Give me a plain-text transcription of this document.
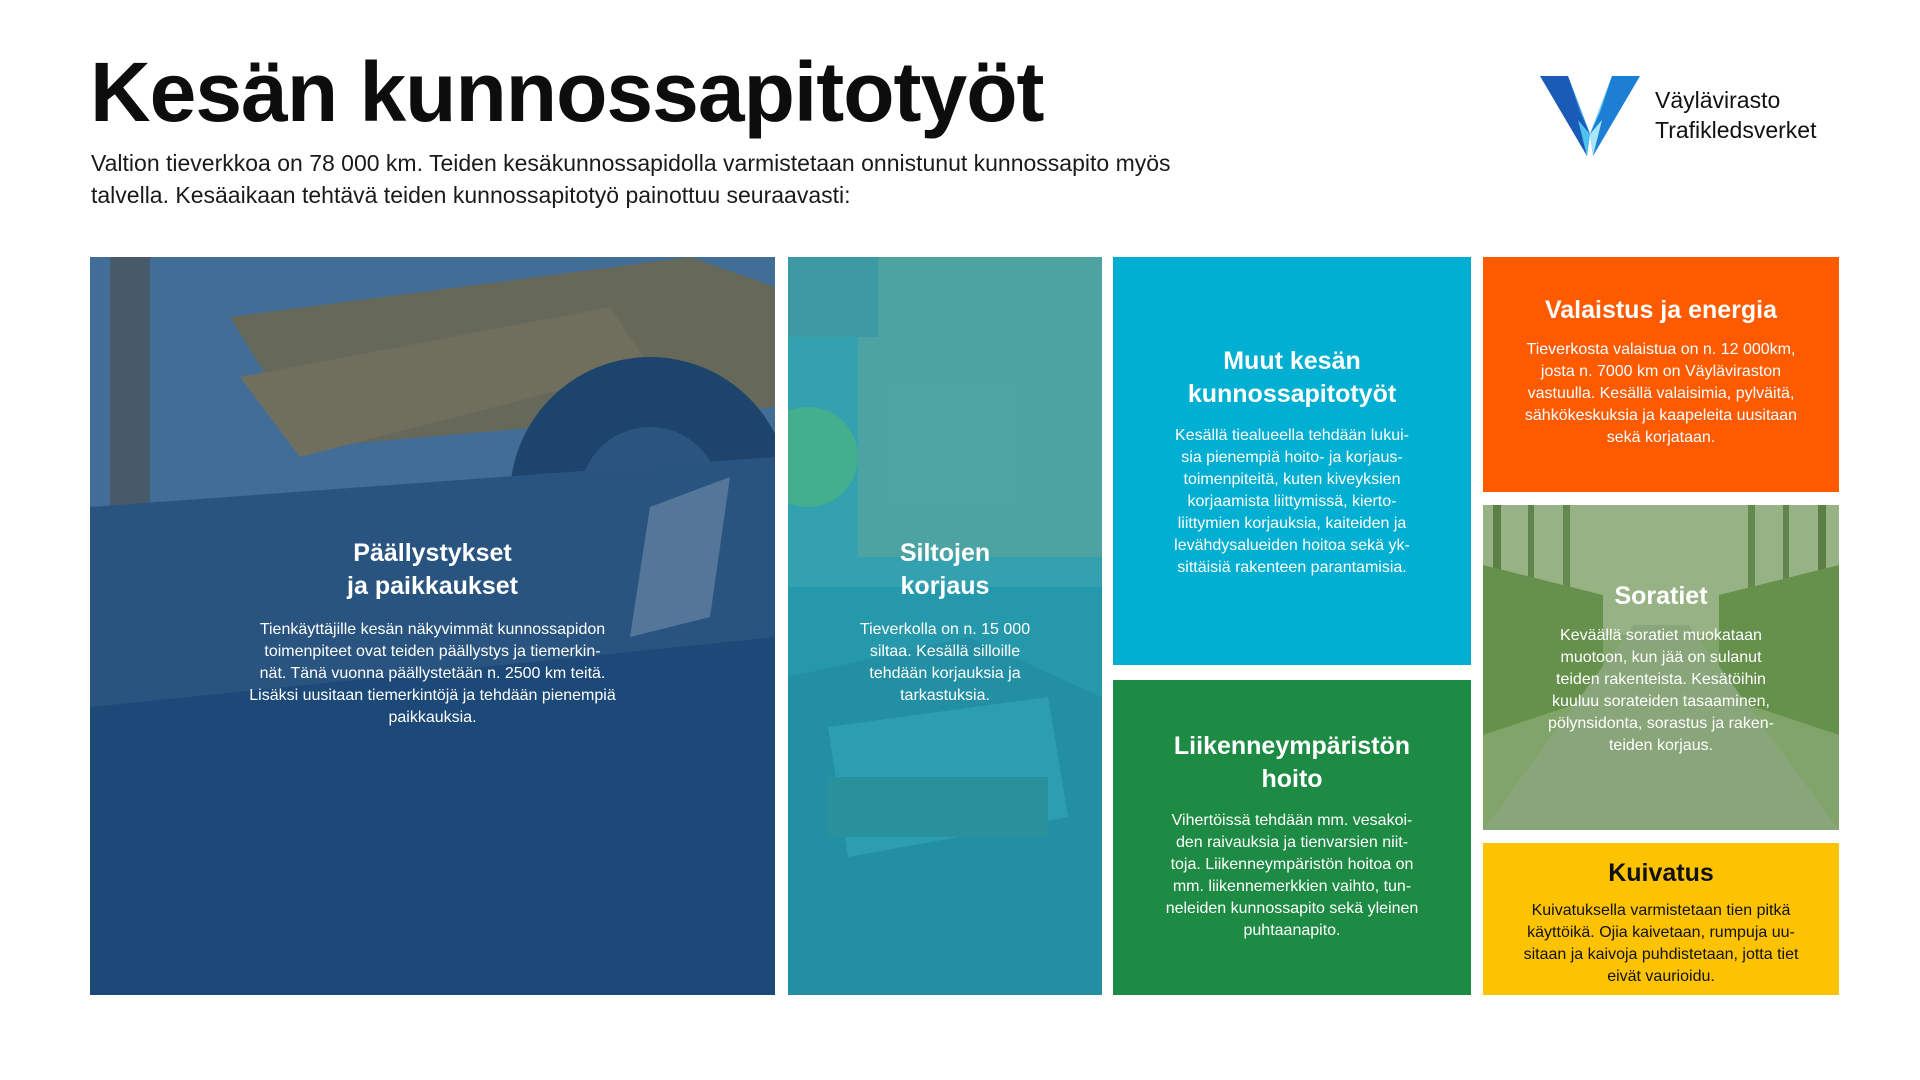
Kesän kunnossapitotyöt
Valtion tieverkkoa on 78 000 km. Teiden kesäkunnossapidolla varmistetaan onnistunut kunnossapito myös
talvella. Kesäaikaan tehtävä teiden kunnossapitotyö painottuu seuraavasti:
Väylävirasto
Trafikledsverket
Päällystykset
ja paikkaukset

Tienkäyttäjille kesän näkyvimmät kunnossapidon
toimenpiteet ovat teiden päällystys ja tiemerkin-
nät. Tänä vuonna päällystetään n. 2500 km teitä.
Lisäksi uusitaan tiemerkintöjä ja tehdään pienempiä
paikkauksia.

Siltojen
korjaus

Tieverkolla on n. 15 000
siltaa. Kesällä silloille
tehdään korjauksia ja
tarkastuksia.

Muut kesän
kunnossapitotyöt

Kesällä tiealueella tehdään lukui-
sia pienempiä hoito- ja korjaus-
toimenpiteitä, kuten kiveyksien
korjaamista liittymissä, kierto-
liittymien korjauksia, kaiteiden ja
levähdysalueiden hoitoa sekä yk-
sittäisiä rakenteen parantamisia.

Liikenneympäristön
hoito

Vihertöissä tehdään mm. vesakoi-
den raivauksia ja tienvarsien niit-
toja. Liikenneympäristön hoitoa on
mm. liikennemerkkien vaihto, tun-
neleiden kunnossapito sekä yleinen
puhtaanapito.

Valaistus ja energia

Tieverkosta valaistua on n. 12 000km,
josta n. 7000 km on Väyläviraston
vastuulla. Kesällä valaisimia, pylväitä,
sähkökeskuksia ja kaapeleita uusitaan
sekä korjataan.

Soratiet

Keväällä soratiet muokataan
muotoon, kun jää on sulanut
teiden rakenteista. Kesätöihin
kuuluu sorateiden tasaaminen,
pölynsidonta, sorastus ja raken-
teiden korjaus.

Kuivatus

Kuivatuksella varmistetaan tien pitkä
käyttöikä. Ojia kaivetaan, rumpuja uu-
sitaan ja kaivoja puhdistetaan, jotta tiet
eivät vaurioidu.
